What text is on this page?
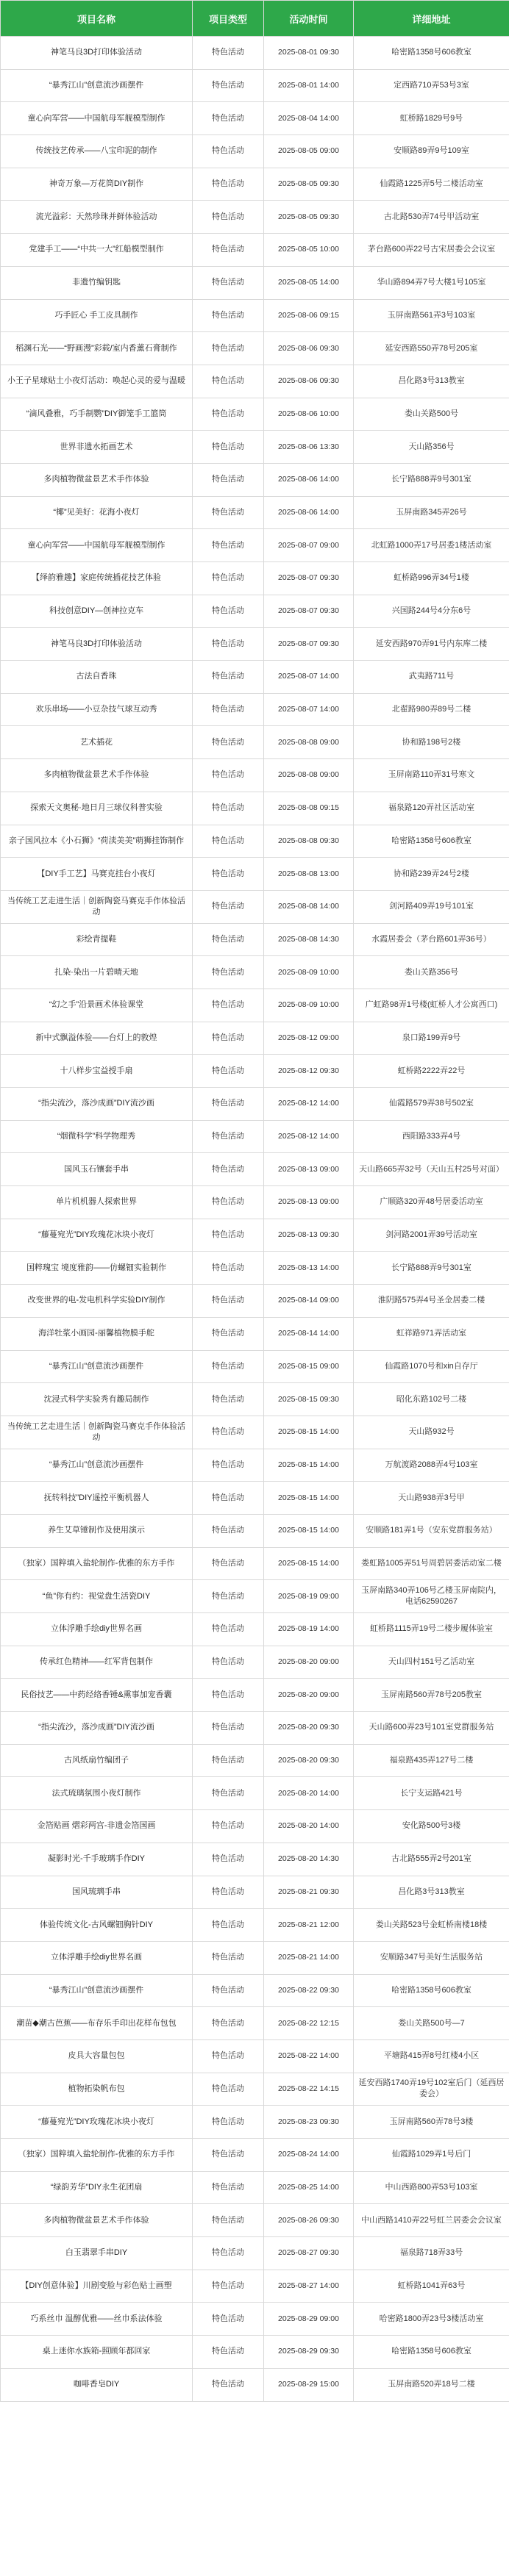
项目名称	项目类型	活动时间	详细地址
神笔马良3D打印体验活动	特色活动	2025-08-01 09:30	哈密路1358号606教室
“暴秀江山”创意流沙画摆件	特色活动	2025-08-01 14:00	定西路710弄53号3室
童心向军营——中国航母军舰模型制作	特色活动	2025-08-04 14:00	虹桥路1829号9号
传统技艺传承——八宝印泥的制作	特色活动	2025-08-05 09:00	安顺路89弄9号109室
神奇万象—万花筒DIY制作	特色活动	2025-08-05 09:30	仙霞路1225弄5号二楼活动室
流光溢彩：天然珍珠并鲜体验活动	特色活动	2025-08-05 09:30	古北路530弄74号甲活动室
党建手工——“中共一大”红船模型制作	特色活动	2025-08-05 10:00	茅台路600弄22号古宋居委会会议室
非遗竹编钥匙	特色活动	2025-08-05 14:00	华山路894弄7号大楼1号105室
巧手匠心 手工皮具制作	特色活动	2025-08-06 09:15	玉屏南路561弄3号103室
稻渊石光——“野画漫”彩载/室内香薰石膏制作	特色活动	2025-08-06 09:30	延安西路550弄78号205室
小王子星球贴土小夜灯活动：唤起心灵的爱与温暖	特色活动	2025-08-06 09:30	昌化路3号313教室
“滴风叠雅，巧手制鹦”DIY御笼手工篮筒	特色活动	2025-08-06 10:00	娄山关路500号
世界非遗水拓画艺术	特色活动	2025-08-06 13:30	天山路356号
多肉植物微盆景艺术手作体验	特色活动	2025-08-06 14:00	长宁路888弄9号301室
“椰”见美好：花海小夜灯	特色活动	2025-08-06 14:00	玉屏南路345弄26号
童心向军营——中国航母军舰模型制作	特色活动	2025-08-07 09:00	北虹路1000弄17号居委1楼活动室
【绎韵雅趣】家庭传统插花技艺体验	特色活动	2025-08-07 09:30	虹桥路996弄34号1楼
科技创意DIY—创神拉克车	特色活动	2025-08-07 09:30	兴国路244号4分东6号
神笔马良3D打印体验活动	特色活动	2025-08-07 09:30	延安西路970弄91号内东库二楼
古法自香珠	特色活动	2025-08-07 14:00	武夷路711号
欢乐串场——小豆杂技气球互动秀	特色活动	2025-08-07 14:00	北翟路980弄89号二楼
艺术插花	特色活动	2025-08-08 09:00	协和路198号2楼
多肉植物微盆景艺术手作体验	特色活动	2025-08-08 09:00	玉屏南路110弄31号寒文
探索天文奥秘·地日月三球仪科普实验	特色活动	2025-08-08 09:15	福泉路120弄社区活动室
亲子国风拉本《小石狮》“荷渎美美”萌狮挂饰制作	特色活动	2025-08-08 09:30	哈密路1358号606教室
【DIY手工艺】马赛克挂台小夜灯	特色活动	2025-08-08 13:00	协和路239弄24号2楼
当传统工艺走进生活｜创新陶瓷马赛克手作体验活动	特色活动	2025-08-08 14:00	剑河路409弄19号101室
彩绘青提鞋	特色活动	2025-08-08 14:30	水霞居委会（茅台路601弄36号）
扎染·染出一片碧晴天地	特色活动	2025-08-09 10:00	娄山关路356号
“幻之手”沿景画术体验课堂	特色活动	2025-08-09 10:00	广虹路98弄1号楼(虹桥人才公寓西口)
新中式飘溢体验——台灯上的敦煌	特色活动	2025-08-12 09:00	泉口路199弄9号
十八样步宝益授手扇	特色活动	2025-08-12 09:30	虹桥路2222弄22号
“指尖流沙，落沙成画”DIY流沙画	特色活动	2025-08-12 14:00	仙霞路579弄38号502室
“烟微科学”科学物理秀	特色活动	2025-08-12 14:00	西阳路333弄4号
国风玉石镶套手串	特色活动	2025-08-13 09:00	天山路665弄32号（天山五村25号对面）
单片机机器人探索世界	特色活动	2025-08-13 09:00	广顺路320弄48号居委活动室
“藤蔓宛光”DIY玫瑰花冰块小夜灯	特色活动	2025-08-13 09:30	剑河路2001弄39号活动室
国粹瑰宝 境度雅韵——仿螺钿实验制作	特色活动	2025-08-13 14:00	长宁路888弄9号301室
改变世界的电-发电机科学实验DIY制作	特色活动	2025-08-14 09:00	淮阴路575弄4号圣金居委二楼
海洋牡浆小画园-丽馨植物膜手舵	特色活动	2025-08-14 14:00	虹祥路971弄活动室
“暴秀江山”创意流沙画摆件	特色活动	2025-08-15 09:00	仙霞路1070号和xin自存厅
沈浸式科学实验秀有趣局制作	特色活动	2025-08-15 09:30	昭化东路102号二楼
当传统工艺走进生活｜创新陶瓷马赛克手作体验活动	特色活动	2025-08-15 14:00	天山路932号
“暴秀江山”创意流沙画摆件	特色活动	2025-08-15 14:00	万航渡路2088弄4号103室
抚转科技”DIY遥控平衡机器人	特色活动	2025-08-15 14:00	天山路938弄3号甲
养生艾草锤制作及使用演示	特色活动	2025-08-15 14:00	安顺路181弄1号（安东党群服务站）
（独家）国粹填入盐轮制作-优雅的东方手作	特色活动	2025-08-15 14:00	娄虹路1005弄51号周碧居委活动室二楼
“鱼”你有约：视觉盘生活瓷DIY	特色活动	2025-08-19 09:00	玉屏南路340弄106号乙楼玉屏南院内，电话62590267
立体浮雕手绘diy世界名画	特色活动	2025-08-19 14:00	虹桥路1115弄19号二楼步履体验室
传承红色精神——红军背包制作	特色活动	2025-08-20 09:00	天山四村151号乙活动室
民俗技艺——中药经络香锤&熏事加宠香囊	特色活动	2025-08-20 09:00	玉屏南路560弄78号205教室
“指尖流沙，落沙成画”DIY流沙画	特色活动	2025-08-20 09:30	天山路600弄23号101室党群服务站
古风纸扇竹编团子	特色活动	2025-08-20 09:30	福泉路435弄127号二楼
法式琉璃氛围小夜灯制作	特色活动	2025-08-20 14:00	长宁支运路421号
金箔贴画 熠彩两宫-非遗金箔国画	特色活动	2025-08-20 14:00	安化路500号3楼
凝影时光-千手玻璃手作DIY	特色活动	2025-08-20 14:30	古北路555弄2号201室
国风琉璃手串	特色活动	2025-08-21 09:30	昌化路3号313教室
体验传统文化-古风螺钿胸针DIY	特色活动	2025-08-21 12:00	娄山关路523号金虹桥南楼18楼
立体浮雕手绘diy世界名画	特色活动	2025-08-21 14:00	安顺路347号美好生活服务站
“暴秀江山”创意流沙画摆件	特色活动	2025-08-22 09:30	哈密路1358号606教室
潮苗◆潮古芭蕉——布存乐手印出花样布包包	特色活动	2025-08-22 12:15	娄山关路500号—7
皮具大容量包包	特色活动	2025-08-22 14:00	平塘路415弄8号红楼4小区
植物拓染帆布包	特色活动	2025-08-22 14:15	延安西路1740弄19号102室后门（延西居委会）
“藤蔓宛光”DIY玫瑰花冰块小夜灯	特色活动	2025-08-23 09:30	玉屏南路560弄78号3楼
（独家）国粹填入盐轮制作-优雅的东方手作	特色活动	2025-08-24 14:00	仙霞路1029弄1号后门
“绿韵芳华”DIY永生花团扇	特色活动	2025-08-25 14:00	中山西路800弄53号103室
多肉植物微盆景艺术手作体验	特色活动	2025-08-26 09:30	中山西路1410弄22号虹兰居委会会议室
白玉翡翠手串DIY	特色活动	2025-08-27 09:30	福泉路718弄33号
【DIY创意体验】川剧变脸与彩色贴士画塑	特色活动	2025-08-27 14:00	虹桥路1041弄63号
巧系丝巾 温醇优雅——丝巾系法体验	特色活动	2025-08-29 09:00	哈密路1800弄23号3楼活动室
桌上迷你水族箱-照顾年都回家	特色活动	2025-08-29 09:30	哈密路1358号606教室
咖啡香皂DIY	特色活动	2025-08-29 15:00	玉屏南路520弄18号二楼
